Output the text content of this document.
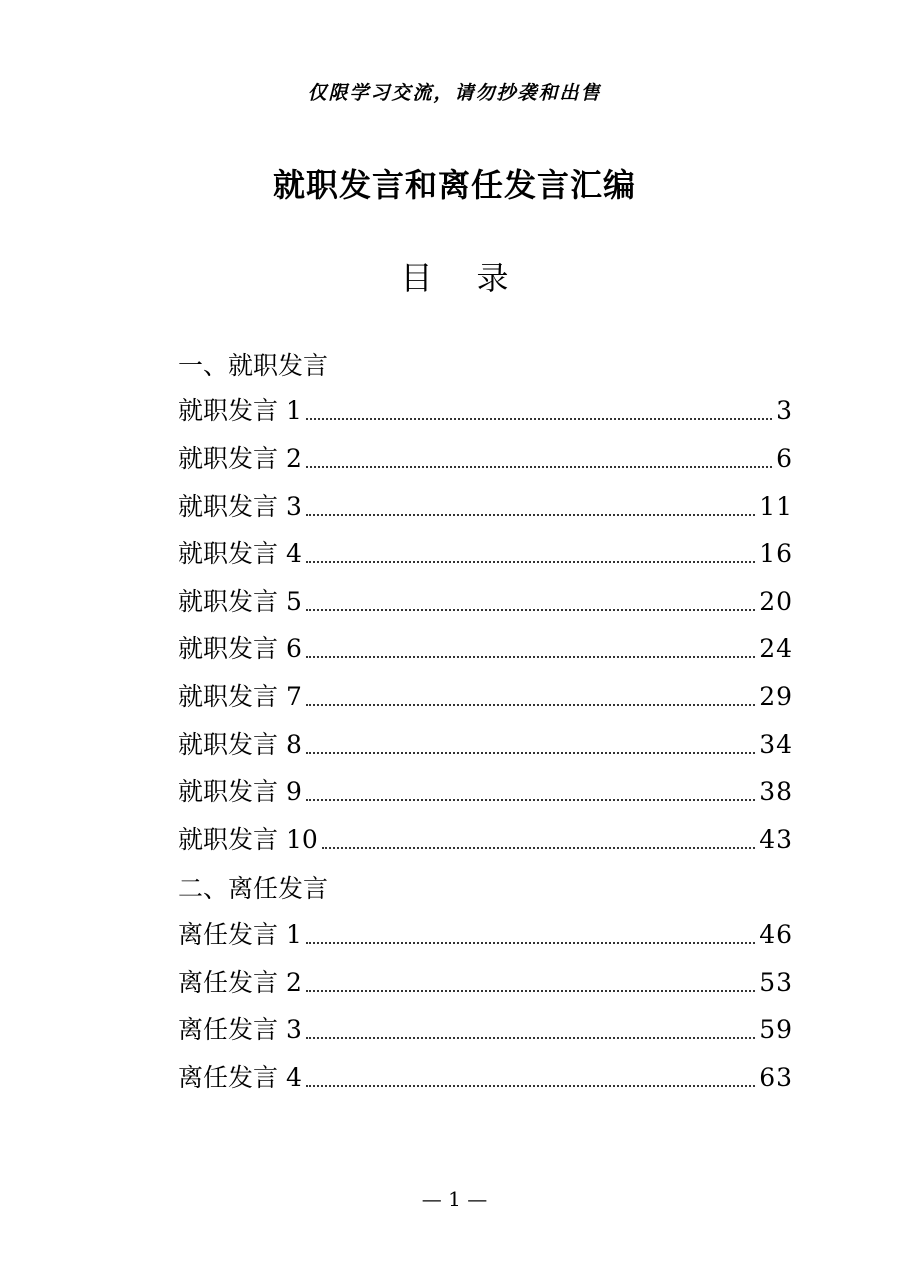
仅限学习交流，请勿抄袭和出售
就职发言和离任发言汇编
目 录
一、就职发言
就职发言 1	3
就职发言 2	6
就职发言 3	11
就职发言 4	16
就职发言 5	20
就职发言 6	24
就职发言 7	29
就职发言 8	34
就职发言 9	38
就职发言 10	43
二、离任发言
离任发言 1	46
离任发言 2	53
离任发言 3	59
离任发言 4	63
— 1 —
